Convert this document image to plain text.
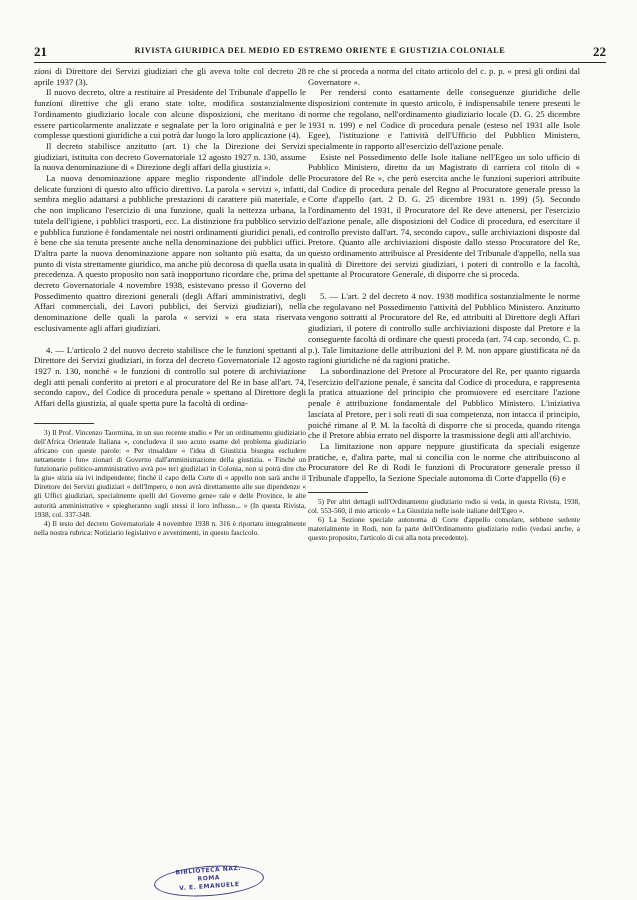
21	RIVISTA GIURIDICA DEL MEDIO ED ESTREMO ORIENTE E GIUSTIZIA COLONIALE	22

zioni di Direttore dei Servizi giudiziari che gli aveva tolte col decreto 28 aprile 1937 (3).

Il nuovo decreto, oltre a restituire al Presidente del Tribunale d'appello le funzioni direttive che gli erano state tolte, modifica sostanzialmente l'ordinamento giudiziario locale con alcune disposizioni, che meritano di essere particolarmente analizzate e segnalate per la loro originalità e per le complesse questioni giuridiche a cui potrà dar luogo la loro applicazione (4).

Il decreto stabilisce anzitutto (art. 1) che la Direzione dei Servizi giudiziari, istituita con decreto Governatoriale 12 agosto 1927 n. 130, assume la nuova denominazione di « Direzione degli affari della giustizia ».

La nuova denominazione appare meglio rispondente all'indole delle delicate funzioni di questo alto ufficio direttivo. La parola « servizi », infatti, sembra meglio adattarsi a pubbliche prestazioni di carattere più materiale, e che non implicano l'esercizio di una funzione, quali la nettezza urbana, la tutela dell'igiene, i pubblici trasporti, ecc. La distinzione fra pubblico servizio e pubblica funzione è fondamentale nei nostri ordinamenti giuridici penali, ed è bene che sia tenuta presente anche nella denominazione dei pubblici uffici. D'altra parte la nuova denominazione appare non soltanto più esatta, da un punto di vista strettamente giuridico, ma anche più decorosa di quella usata in precedenza. A questo proposito non sarà inopportuno ricordare che, prima del decreto Governatoriale 4 novembre 1938, esistevano presso il Governo del Possedimento quattro direzioni generali (degli Affari amministrativi, degli Affari commerciali, dei Lavori pubblici, dei Servizi giudiziari), nella denominazione delle quali la parola « servizi » era stata riservata esclusivamente agli affari giudiziari.

4. — L'articolo 2 del nuovo decreto stabilisce che le funzioni spettanti al Direttore dei Servizi giudiziari, in forza del decreto Governatoriale 12 agosto 1927 n. 130, nonché « le funzioni di controllo sul potere di archiviazione degli atti penali conferito ai pretori e al procuratore del Re in base all'art. 74, secondo capov., del Codice di procedura penale » spettano al Direttore degli Affari della giustizia, al quale spetta pure la facoltà di ordina-

3) Il Prof. Vincenzo Taormina, in un suo recente studio « Per un ordinamento giudiziario dell'Africa Orientale Italiana », concludeva il suo acuto esame del problema giudiziario africano con queste parole: « Per rinsaldare « l'idea di Giustizia bisogna escludere nettamente i fun« zionari di Governo dall'amministrazione della giustizia. « Finché un funzionario politico-amministrativo avrà po« teri giudiziari in Colonia, non si potrà dire che la giu« stizia sia ivi indipendente; finché il capo della Corte di « appello non sarà anche il Direttore dei Servizi giudiziari « dell'Impero, e non avrà direttamente alle sue dipendenze « gli Uffici giudiziari, specialmente quelli del Governo gene« rale e delle Province, le alte autorità amministrative « spiegheranno sugli stessi il loro influsso... » (In questa Rivista, 1938, col. 337-348.

4) Il testo del decreto Governatoriale 4 novembre 1938 n. 316 è riportato integralmente nella nostra rubrica: Notiziario legislativo e avvenimenti, in questo fascicolo.

re che si proceda a norma del citato articolo del c. p. p. « presi gli ordini dal Governatore ».

Per rendersi conto esattamente delle conseguenze giuridiche delle disposizioni contenute in questo articolo, è indispensabile tenere presenti le norme che regolano, nell'ordinamento giudiziario locale (D. G. 25 dicembre 1931 n. 199) e nel Codice di procedura penale (esteso nel 1931 alle Isole Egee), l'istituzione e l'attività dell'Ufficio del Pubblico Ministero, specialmente in rapporto all'esercizio dell'azione penale.

Esiste nel Possedimento delle Isole italiane nell'Egeo un solo ufficio di Pubblico Ministero, diretto da un Magistrato di carriera col titolo di « Procuratore del Re », che però esercita anche le funzioni superiori attribuite dal Codice di procedura penale del Regno al Procuratore generale presso la Corte d'appello (art. 2 D. G. 25 dicembre 1931 n. 199) (5). Secondo l'ordinamento del 1931, il Procuratore del Re deve attenersi, per l'esercizio dell'azione penale, alle disposizioni del Codice di procedura, ed esercitare il controllo previsto dall'art. 74, secondo capov., sulle archiviazioni disposte dal Pretore. Quanto alle archiviazioni disposte dallo stesso Procuratore del Re, questo ordinamento attribuisce al Presidente del Tribunale d'appello, nella sua qualità di Direttore dei servizi giudiziari, i poteri di controllo e la facoltà, spettante al Procuratore Generale, di disporre che si proceda.

5. — L'art. 2 del decreto 4 nov. 1938 modifica sostanzialmente le norme che regolavano nel Possedimento l'attività del Pubblico Ministero. Anzitutto vengono sottratti al Procuratore del Re, ed attribuiti al Direttore degli Affari giudiziari, il potere di controllo sulle archiviazioni disposte dal Pretore e la conseguente facoltà di ordinare che questi proceda (art. 74 cap. secondo, C. p. p.). Tale limitazione delle attribuzioni del P. M. non appare giustificata né da ragioni giuridiche né da ragioni pratiche.

La subordinazione del Pretore al Procuratore del Re, per quanto riguarda l'esercizio dell'azione penale, è sancita dal Codice di procedura, e rappresenta la pratica attuazione del principio che promuovere ed esercitare l'azione penale è attribuzione fondamentale del Pubblico Ministero. L'iniziativa lasciata al Pretore, per i soli reati di sua competenza, non intacca il principio, poiché rimane al P. M. la facoltà di disporre che si proceda, quando ritenga che il Pretore abbia errato nel disporre la trasmissione degli atti all'archivio.

La limitazione non appare neppure giustificata da speciali esigenze pratiche, e, d'altra parte, mal si concilia con le norme che attribuiscono al Procuratore del Re di Rodi le funzioni di Procuratore generale presso il Tribunale d'appello, la Sezione Speciale autonoma di Corte d'appello (6) e

5) Per altri dettagli sull'Ordinamento giudiziario rodio si veda, in questa Rivista, 1938, col. 553-560, il mio articolo « La Giustizia nelle isole italiane dell'Egeo ».

6) La Sezione speciale autonoma di Corte d'appello consolare, sebbene sedente materialmente in Rodi, non fa parte dell'Ordinamento giudiziario rodio (vedasi anche, a questo proposito, l'articolo di cui alla nota precedente).

BIBLIOTECA NAZ.
ROMA
V. E. EMANUELE
